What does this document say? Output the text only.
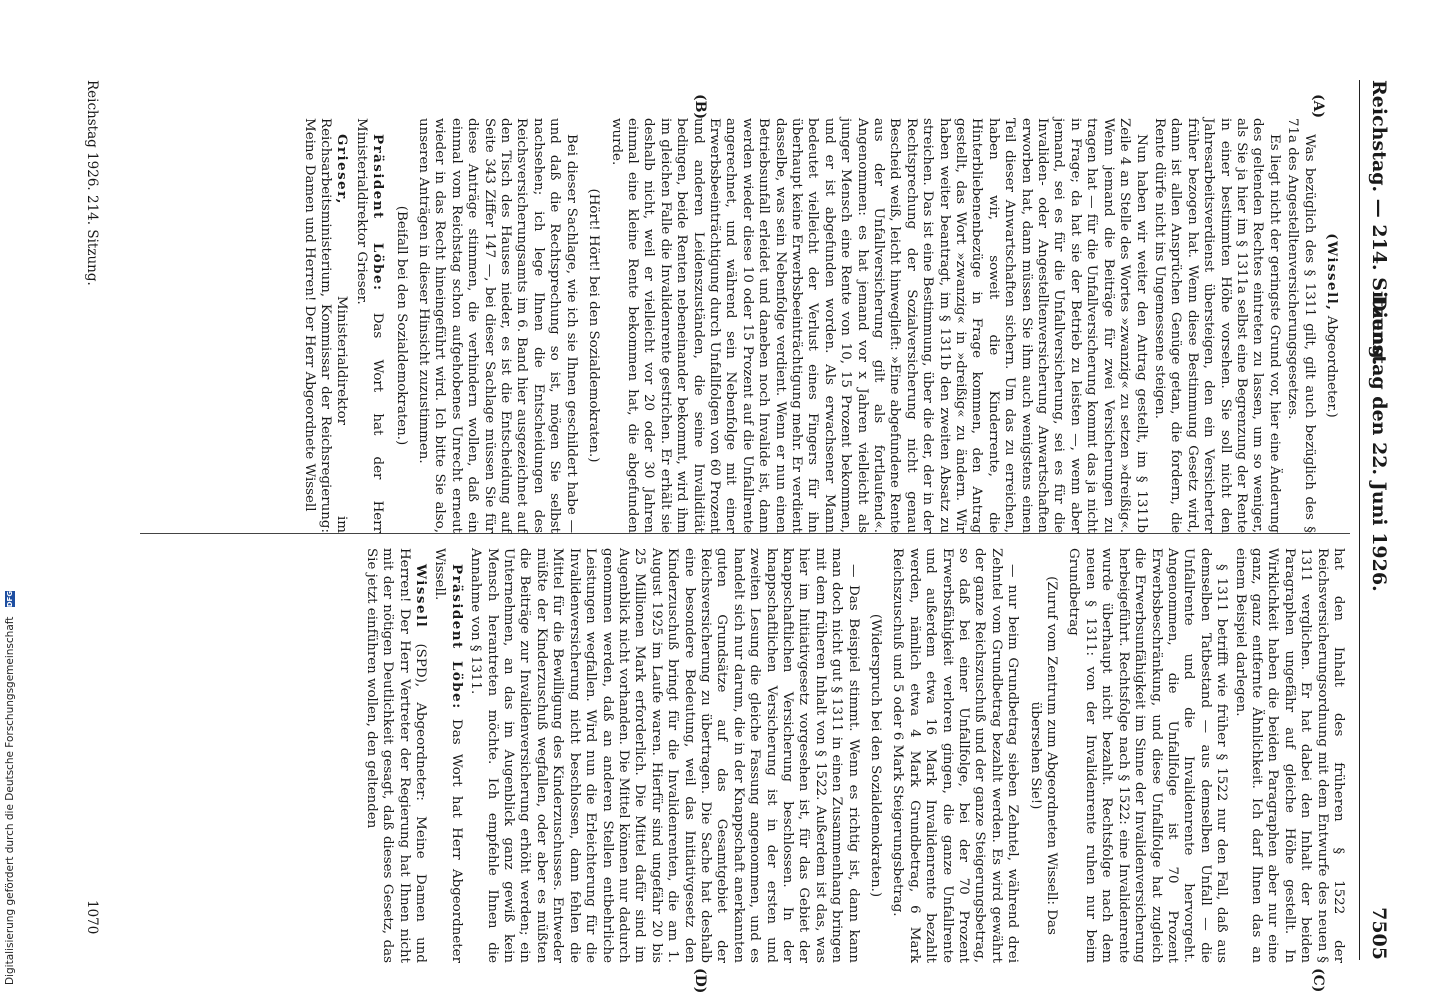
Reichstag. — 214. Sitzung.
Dienstag den 22. Juni 1926.
7505
(A)
(B)
(C)
(D)

(Wissell, Abgeordneter.)

Was bezüglich des § 1311 gilt, gilt auch bezüglich des § 71a des Angestelltenversicherungsgesetzes.

Es liegt nicht der geringste Grund vor, hier eine Änderung des geltenden Rechtes eintreten zu lassen, um so weniger, als Sie ja hier im § 1311a selbst eine Begrenzung der Rente in einer bestimmten Höhe vorsehen. Sie soll nicht den Jahresarbeitsverdienst übersteigen, den ein Versicherter früher bezogen hat. Wenn diese Bestimmung Gesetz wird, dann ist allen Ansprüchen Genüge getan, die fordern, die Rente dürfe nicht ins Ungemessene steigen.

Nun haben wir weiter den Antrag gestellt, im § 1311b Zeile 4 an Stelle des Wortes »zwanzig« zu setzen »dreißig«. Wenn jemand die Beiträge für zwei Versicherungen zu tragen hat — für die Unfallversicherung kommt das ja nicht in Frage; da hat sie der Betrieb zu leisten —, wenn aber jemand, sei es für die Unfallversicherung, sei es für die Invaliden- oder Angestelltenversicherung Anwartschaften erworben hat, dann müssen Sie ihm auch wenigstens einen Teil dieser Anwartschaften sichern. Um das zu erreichen, haben wir, soweit die Kinderrente, die Hinterbliebenenbezüge in Frage kommen, den Antrag gestellt, das Wort »zwanzig« in »dreißig« zu ändern. Wir haben weiter beantragt, im § 1311b den zweiten Absatz zu streichen. Das ist eine Bestimmung, über die der, der in der Rechtsprechung der Sozialversicherung nicht genau Bescheid weiß, leicht hinweglieft: »Eine abgefundene Rente aus der Unfallversicherung gilt als fortlaufend«. Angenommen: es hat jemand vor x Jahren vielleicht als junger Mensch eine Rente von 10, 15 Prozent bekommen, und er ist abgefunden worden. Als erwachsener Mann bedeutet vielleicht der Verlust eines Fingers für ihn überhaupt keine Erwerbsbeeinträchtigung mehr. Er verdient dasselbe, was sein Nebenfolge verdient. Wenn er nun einen Betriebsunfall erleidet und daneben noch Invalide ist, dann werden wieder diese 10 oder 15 Prozent auf die Unfallrente angerechnet, und während sein Nebenfolge mit einer Erwerbsbeeinträchtigung durch Unfallfolgen von 60 Prozent und anderen Leidenszuständen, die seine Invalidität bedingen, beide Renten nebeneinander bekommt, wird ihm im gleichen Falle die Invalidenrente gestrichen. Er erhält sie deshalb nicht, weil er vielleicht vor 20 oder 30 Jahren einmal eine kleine Rente bekommen hat, die abgefunden wurde.

(Hört! Hört! bei den Sozialdemokraten.)

Bei dieser Sachlage, wie ich sie Ihnen geschildert habe — und daß die Rechtsprechung so ist, mögen Sie selbst nachsehen; ich lege Ihnen die Entscheidungen des Reichsversicherungsamts im 6. Band hier ausgezeichnet auf den Tisch des Hauses nieder, es ist die Entscheidung auf Seite 343 Ziffer 147 —, bei dieser Sachlage müssen Sie für diese Anträge stimmen, die verhindern wollen, daß ein einmal vom Reichstag schon aufgehobenes Unrecht erneut wieder in das Recht hineingeführt wird. Ich bitte Sie also, unseren Anträgen in dieser Hinsicht zuzustimmen.

(Beifall bei den Sozialdemokraten.)

Präsident Löbe: Das Wort hat der Herr Ministerialdirektor Grieser.

Grieser, Ministerialdirektor im Reichsarbeitsministerium, Kommissar der Reichsregierung: Meine Damen und Herren! Der Herr Abgeordnete Wissell

hat den Inhalt des früheren § 1522 der Reichsversicherungsordnung mit dem Entwurfe des neuen § 1311 verglichen. Er hat dabei den Inhalt der beiden Paragraphen ungefähr auf gleiche Höhe gestellt. In Wirklichkeit haben die beiden Paragraphen aber nur eine ganz, ganz entfernte Ähnlichkeit. Ich darf Ihnen das an einem Beispiel darlegen.

§ 1311 betrifft wie früher § 1522 nur den Fall, daß aus demselben Tatbestand — aus demselben Unfall — die Unfallrente und die Invalidenrente hervorgeht. Angenommen, die Unfallfolge ist 70 Prozent Erwerbsbeschränkung, und diese Unfallfolge hat zugleich die Erwerbsunfähigkeit im Sinne der Invalidenversicherung herbeigeführt. Rechtsfolge nach § 1522: eine Invalidenrente wurde überhaupt nicht bezahlt. Rechtsfolge nach dem neuen § 1311: von der Invalidenrente ruhen nur beim Grundbetrag

(Zuruf vom Zentrum zum Abgeordneten Wissell: Das übersehen Sie!)

— nur beim Grundbetrag sieben Zehntel, während drei Zehntel vom Grundbetrag bezahlt werden. Es wird gewährt der ganze Reichszuschuß und der ganze Steigerungsbetrag, so daß bei einer Unfallfolge, bei der 70 Prozent Erwerbsfähigkeit verloren gingen, die ganze Unfallrente und außerdem etwa 16 Mark Invalidenrente bezahlt werden, nämlich etwa 4 Mark Grundbetrag, 6 Mark Reichszuschuß und 5 oder 6 Mark Steigerungsbetrag.

(Widerspruch bei den Sozialdemokraten.)

— Das Beispiel stimmt. Wenn es richtig ist, dann kann man doch nicht gut § 1311 in einen Zusammenhang bringen mit dem früheren Inhalt von § 1522. Außerdem ist das, was hier im Initiativgesetz vorgesehen ist, für das Gebiet der knappschaftlichen Versicherung beschlossen. In der knappschaftlichen Versicherung ist in der ersten und zweiten Lesung die gleiche Fassung angenommen, und es handelt sich nur darum, die in der Knappschaft anerkannten guten Grundsätze auf das Gesamtgebiet der Reichsversicherung zu übertragen. Die Sache hat deshalb eine besondere Bedeutung, weil das Initiativgesetz den Kinderzuschuß bringt für die Invalidenrenten, die am 1. August 1925 im Laufe waren. Hierfür sind ungefähr 20 bis 25 Millionen Mark erforderlich. Die Mittel dafür sind im Augenblick nicht vorhanden. Die Mittel können nur dadurch genommen werden, daß an anderen Stellen entbehrliche Leistungen wegfallen. Wird nun die Erleichterung für die Invalidenversicherung nicht beschlossen, dann fehlen die Mittel für die Bewilligung des Kinderzuschusses. Entweder müßte der Kinderzuschuß wegfallen, oder aber es müßten die Beiträge zur Invalidenversicherung erhöht werden; ein Unternehmen, an das im Augenblick ganz gewiß kein Mensch herantreten möchte. Ich empfehle Ihnen die Annahme von § 1311.

Präsident Löbe: Das Wort hat Herr Abgeordneter Wissell.

Wissell (SPD), Abgeordneter: Meine Damen und Herren! Der Herr Vertreter der Regierung hat Ihnen nicht mit der nötigen Deutlichkeit gesagt, daß dieses Gesetz, das Sie jetzt einführen wollen, den geltenden

Reichstag 1926. 214. Sitzung.
1070
Digitalisierung gefördert durch die Deutsche Forschungsgemeinschaft DFG
